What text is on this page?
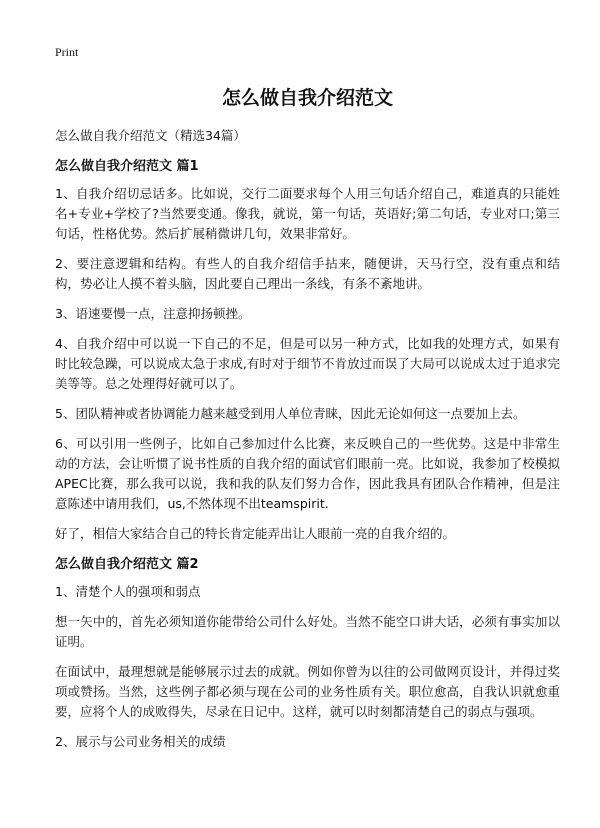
Print

怎么做自我介绍范文

怎么做自我介绍范文（精选34篇）

怎么做自我介绍范文 篇1

1、自我介绍切忌话多。比如说，交行二面要求每个人用三句话介绍自己，难道真的只能姓名+专业+学校了?当然要变通。像我，就说，第一句话，英语好;第二句话，专业对口;第三句话，性格优势。然后扩展稍微讲几句，效果非常好。

2、要注意逻辑和结构。有些人的自我介绍信手拈来，随便讲，天马行空，没有重点和结构，势必让人摸不着头脑，因此要自己理出一条线，有条不紊地讲。

3、语速要慢一点，注意抑扬顿挫。

4、自我介绍中可以说一下自己的不足，但是可以另一种方式，比如我的处理方式，如果有时比较急躁，可以说成太急于求成,有时对于细节不肯放过而误了大局可以说成太过于追求完美等等。总之处理得好就可以了。

5、团队精神或者协调能力越来越受到用人单位青睐，因此无论如何这一点要加上去。

6、可以引用一些例子，比如自己参加过什么比赛，来反映自己的一些优势。这是中非常生动的方法，会让听惯了说书性质的自我介绍的面试官们眼前一亮。比如说，我参加了校模拟APEC比赛，那么我可以说，我和我的队友们努力合作，因此我具有团队合作精神，但是注意陈述中请用我们，us,不然体现不出teamspirit.

好了，相信大家结合自己的特长肯定能弄出让人眼前一亮的自我介绍的。

怎么做自我介绍范文 篇2

1、清楚个人的强项和弱点

想一矢中的，首先必须知道你能带给公司什么好处。当然不能空口讲大话，必须有事实加以证明。

在面试中，最理想就是能够展示过去的成就。例如你曾为以往的公司做网页设计，并得过奖项或赞扬。当然，这些例子都必须与现在公司的业务性质有关。职位愈高，自我认识就愈重要，应将个人的成败得失，尽录在日记中。这样，就可以时刻都清楚自己的弱点与强项。

2、展示与公司业务相关的成绩
